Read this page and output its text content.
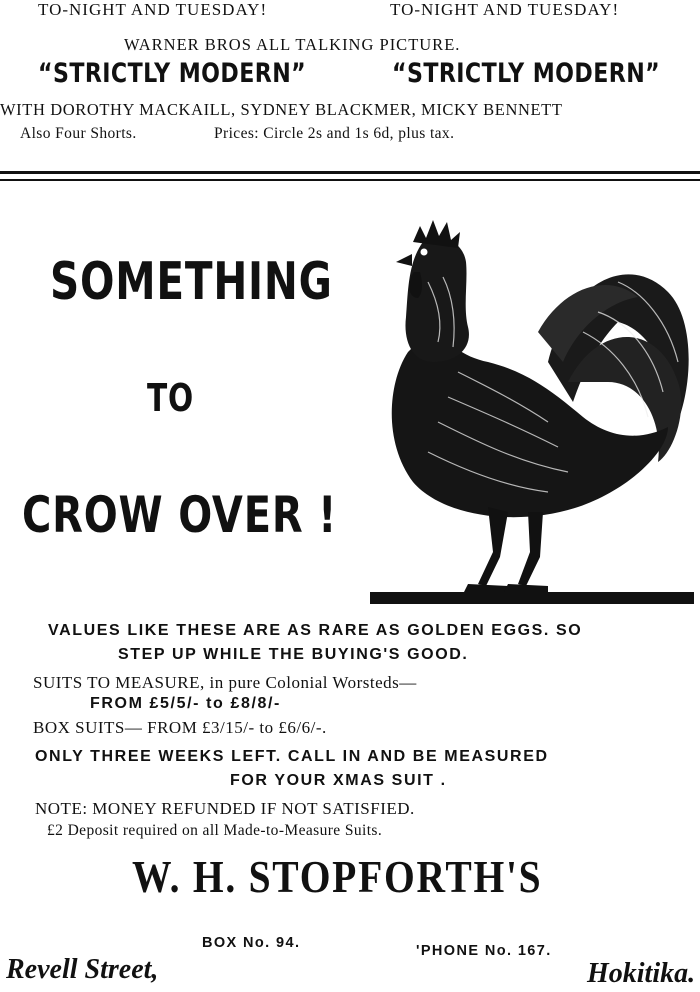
TO-NIGHT AND TUESDAY!	TO-NIGHT AND TUESDAY!
WARNER BROS ALL TALKING PICTURE.
“STRICTLY MODERN”	“STRICTLY MODERN”
WITH DOROTHY MACKAILL, SYDNEY BLACKMER, MICKY BENNETT
Also Four Shorts.	Prices: Circle 2s and 1s 6d, plus tax.
SOMETHING
TO
CROW OVER !
VALUES LIKE THESE ARE AS RARE AS GOLDEN EGGS. SO
STEP UP WHILE THE BUYING'S GOOD.
SUITS TO MEASURE, in pure Colonial Worsteds—
FROM £5/5/- to £8/8/-
BOX SUITS— FROM £3/15/- to £6/6/-.
ONLY THREE WEEKS LEFT. CALL IN AND BE MEASURED
FOR YOUR XMAS SUIT .
NOTE: MONEY REFUNDED IF NOT SATISFIED.
£2 Deposit required on all Made-to-Measure Suits.
W. H. STOPFORTH'S
BOX No. 94.	'PHONE No. 167.
Revell Street,	Hokitika.
